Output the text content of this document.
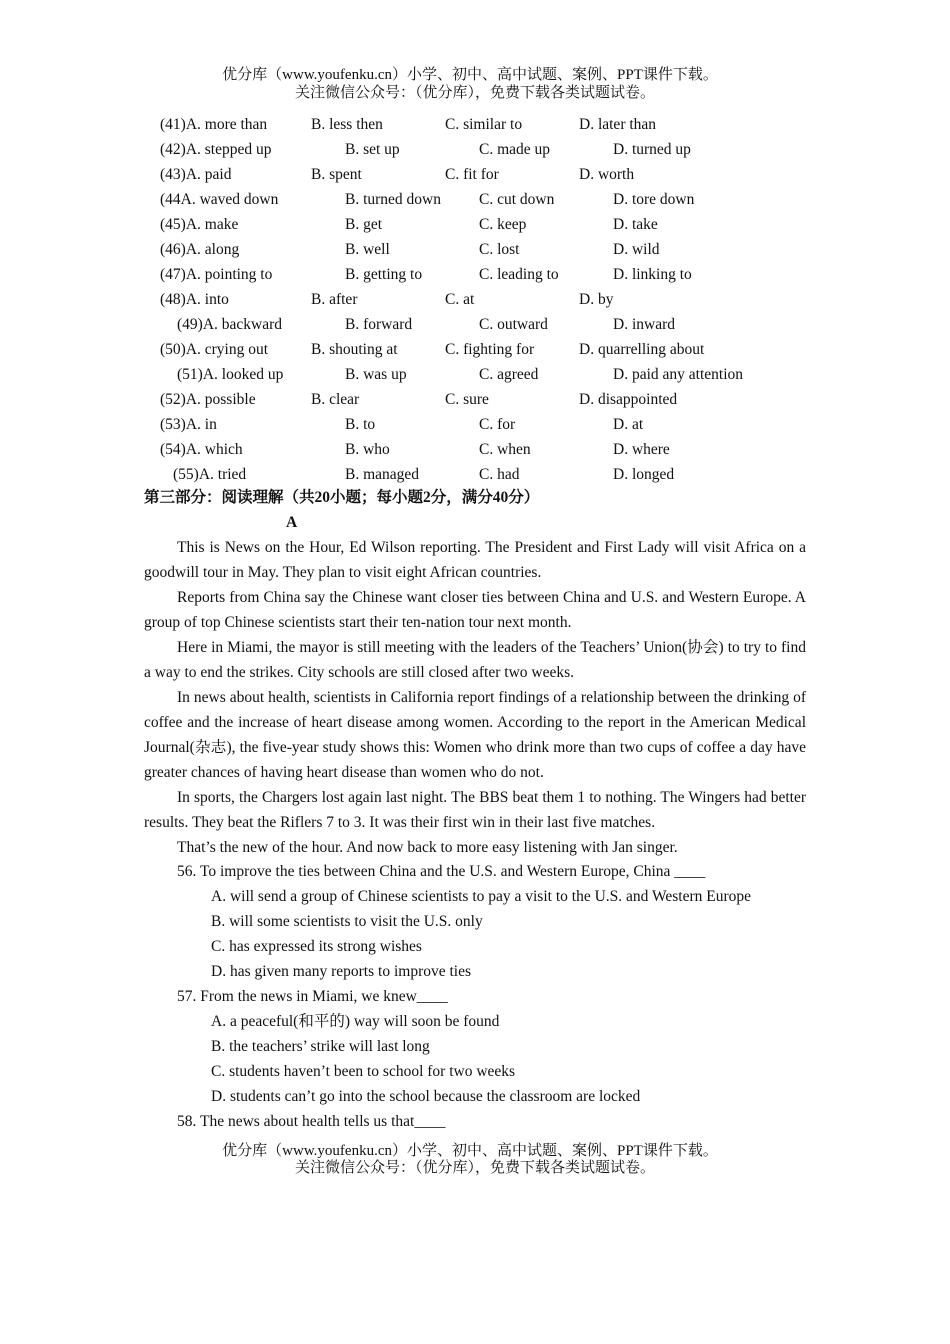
优分库（www.youfenku.cn）小学、初中、高中试题、案例、PPT课件下载。
关注微信公众号：（优分库），免费下载各类试题试卷。
(41)A. more than	B. less then	C. similar to	D. later than
(42)A. stepped up	B. set up	C. made up	D. turned up
(43)A. paid	B. spent	C. fit for	D. worth
(44A. waved down	B. turned down C. cut down	D. tore down
(45)A. make	B. get	C. keep	D. take
(46)A. along	B. well	C. lost	D. wild
(47)A. pointing to	B. getting to	C. leading to	D. linking to
(48)A. into	B. after	C. at	D. by
(49)A. backward	B. forward	C. outward	D. inward
(50)A. crying out	B. shouting at	C. fighting for	D. quarrelling about
(51)A. looked up	B. was up	C. agreed	D. paid any attention
(52)A. possible	B. clear	C. sure	D. disappointed
(53)A. in	B. to	C. for	D. at
(54)A. which	B. who	C. when	D. where
(55)A. tried	B. managed	C. had	D. longed
第三部分：阅读理解（共20小题；每小题2分，满分40分）
A

This is News on the Hour, Ed Wilson reporting. The President and First Lady will visit Africa on a goodwill tour in May. They plan to visit eight African countries.

Reports from China say the Chinese want closer ties between China and U.S. and Western Europe. A group of top Chinese scientists start their ten-nation tour next month.

Here in Miami, the mayor is still meeting with the leaders of the Teachers’ Union(协会) to try to find a way to end the strikes. City schools are still closed after two weeks.

In news about health, scientists in California report findings of a relationship between the drinking of coffee and the increase of heart disease among women. According to the report in the American Medical Journal(杂志), the five-year study shows this: Women who drink more than two cups of coffee a day have greater chances of having heart disease than women who do not.

In sports, the Chargers lost again last night. The BBS beat them 1 to nothing. The Wingers had better results. They beat the Riflers 7 to 3. It was their first win in their last five matches.

That’s the new of the hour. And now back to more easy listening with Jan singer.

56. To improve the ties between China and the U.S. and Western Europe, China ____
A. will send a group of Chinese scientists to pay a visit to the U.S. and Western Europe
B. will some scientists to visit the U.S. only
C. has expressed its strong wishes
D. has given many reports to improve ties
57. From the news in Miami, we knew____
A. a peaceful(和平的) way will soon be found
B. the teachers’ strike will last long
C. students haven’t been to school for two weeks
D. students can’t go into the school because the classroom are locked
58. The news about health tells us that____
优分库（www.youfenku.cn）小学、初中、高中试题、案例、PPT课件下载。
关注微信公众号：（优分库），免费下载各类试题试卷。
